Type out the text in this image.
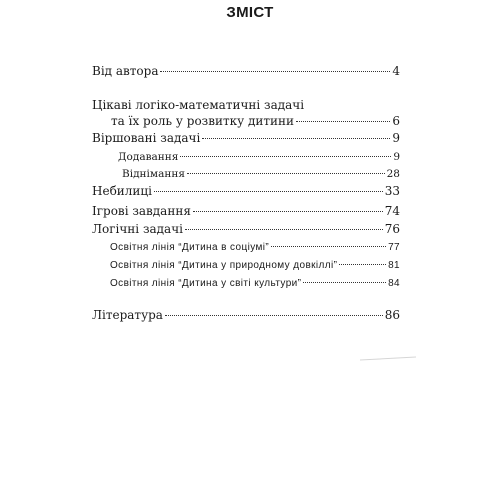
ЗМІСТ
Від автора	4
Цікаві логіко-математичні задачі
та їх роль у розвитку дитини	6
Віршовані задачі	9
Додавання	9
Віднімання	28
Небилиці	33
Ігрові завдання	74
Логічні задачі	76
Освітня лінія “Дитина в соціумі”	77
Освітня лінія “Дитина у природному довкіллі”	81
Освітня лінія “Дитина у світі культури”	84
Література	86
